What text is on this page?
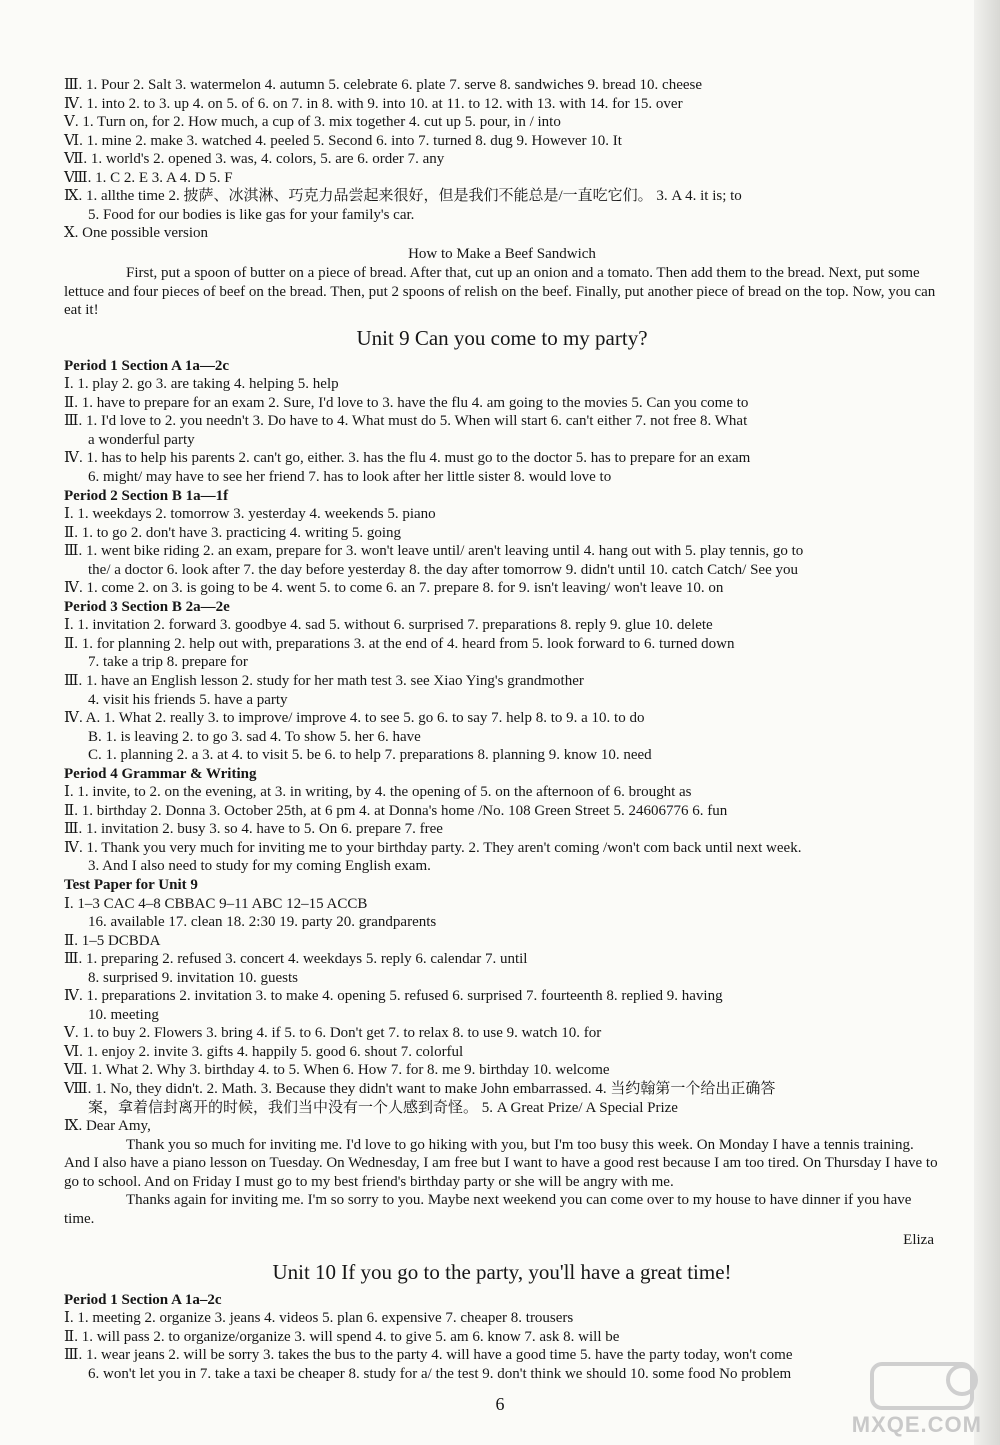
Ⅲ. 1. Pour 2. Salt 3. watermelon 4. autumn 5. celebrate 6. plate 7. serve 8. sandwiches 9. bread 10. cheese
Ⅳ. 1. into 2. to 3. up 4. on 5. of 6. on 7. in 8. with 9. into 10. at 11. to 12. with 13. with 14. for 15. over
Ⅴ. 1. Turn on, for 2. How much, a cup of 3. mix together 4. cut up 5. pour, in / into
Ⅵ. 1. mine 2. make 3. watched 4. peeled 5. Second 6. into 7. turned 8. dug 9. However 10. It
Ⅶ. 1. world's 2. opened 3. was, 4. colors, 5. are 6. order 7. any
Ⅷ. 1. C 2. E 3. A 4. D 5. F
Ⅸ. 1. allthe time 2. 披萨、冰淇淋、巧克力品尝起来很好，但是我们不能总是/一直吃它们。 3. A 4. it is; to
5. Food for our bodies is like gas for your family's car.
Ⅹ. One possible version
How to Make a Beef Sandwich
First, put a spoon of butter on a piece of bread. After that, cut up an onion and a tomato. Then add them to the bread. Next, put some lettuce and four pieces of beef on the bread. Then, put 2 spoons of relish on the beef. Finally, put another piece of bread on the top. Now, you can eat it!
Unit 9 Can you come to my party?
Period 1 Section A 1a—2c
Ⅰ. 1. play 2. go 3. are taking 4. helping 5. help
Ⅱ. 1. have to prepare for an exam 2. Sure, I'd love to 3. have the flu 4. am going to the movies 5. Can you come to
Ⅲ. 1. I'd love to 2. you needn't 3. Do have to 4. What must do 5. When will start 6. can't either 7. not free 8. What
a wonderful party
Ⅳ. 1. has to help his parents 2. can't go, either. 3. has the flu 4. must go to the doctor 5. has to prepare for an exam
6. might/ may have to see her friend 7. has to look after her little sister 8. would love to
Period 2 Section B 1a—1f
Ⅰ. 1. weekdays 2. tomorrow 3. yesterday 4. weekends 5. piano
Ⅱ. 1. to go 2. don't have 3. practicing 4. writing 5. going
Ⅲ. 1. went bike riding 2. an exam, prepare for 3. won't leave until/ aren't leaving until 4. hang out with 5. play tennis, go to
the/ a doctor 6. look after 7. the day before yesterday 8. the day after tomorrow 9. didn't until 10. catch Catch/ See you
Ⅳ. 1. come 2. on 3. is going to be 4. went 5. to come 6. an 7. prepare 8. for 9. isn't leaving/ won't leave 10. on
Period 3 Section B 2a—2e
Ⅰ. 1. invitation 2. forward 3. goodbye 4. sad 5. without 6. surprised 7. preparations 8. reply 9. glue 10. delete
Ⅱ. 1. for planning 2. help out with, preparations 3. at the end of 4. heard from 5. look forward to 6. turned down
7. take a trip 8. prepare for
Ⅲ. 1. have an English lesson 2. study for her math test 3. see Xiao Ying's grandmother
4. visit his friends 5. have a party
Ⅳ. A. 1. What 2. really 3. to improve/ improve 4. to see 5. go 6. to say 7. help 8. to 9. a 10. to do
B. 1. is leaving 2. to go 3. sad 4. To show 5. her 6. have
C. 1. planning 2. a 3. at 4. to visit 5. be 6. to help 7. preparations 8. planning 9. know 10. need
Period 4 Grammar & Writing
Ⅰ. 1. invite, to 2. on the evening, at 3. in writing, by 4. the opening of 5. on the afternoon of 6. brought as
Ⅱ. 1. birthday 2. Donna 3. October 25th, at 6 pm 4. at Donna's home /No. 108 Green Street 5. 24606776 6. fun
Ⅲ. 1. invitation 2. busy 3. so 4. have to 5. On 6. prepare 7. free
Ⅳ. 1. Thank you very much for inviting me to your birthday party. 2. They aren't coming /won't com back until next week.
3. And I also need to study for my coming English exam.
Test Paper for Unit 9
Ⅰ. 1–3 CAC 4–8 CBBAC 9–11 ABC 12–15 ACCB
16. available 17. clean 18. 2:30 19. party 20. grandparents
Ⅱ. 1–5 DCBDA
Ⅲ. 1. preparing 2. refused 3. concert 4. weekdays 5. reply 6. calendar 7. until
8. surprised 9. invitation 10. guests
Ⅳ. 1. preparations 2. invitation 3. to make 4. opening 5. refused 6. surprised 7. fourteenth 8. replied 9. having
10. meeting
Ⅴ. 1. to buy 2. Flowers 3. bring 4. if 5. to 6. Don't get 7. to relax 8. to use 9. watch 10. for
Ⅵ. 1. enjoy 2. invite 3. gifts 4. happily 5. good 6. shout 7. colorful
Ⅶ. 1. What 2. Why 3. birthday 4. to 5. When 6. How 7. for 8. me 9. birthday 10. welcome
Ⅷ. 1. No, they didn't. 2. Math. 3. Because they didn't want to make John embarrassed. 4. 当约翰第一个给出正确答
案，拿着信封离开的时候，我们当中没有一个人感到奇怪。 5. A Great Prize/ A Special Prize
Ⅸ. Dear Amy,
Thank you so much for inviting me. I'd love to go hiking with you, but I'm too busy this week. On Monday I have a tennis training. And I also have a piano lesson on Tuesday. On Wednesday, I am free but I want to have a good rest because I am too tired. On Thursday I have to go to school. And on Friday I must go to my best friend's birthday party or she will be angry with me.
Thanks again for inviting me. I'm so sorry to you. Maybe next weekend you can come over to my house to have dinner if you have time.
Eliza
Unit 10 If you go to the party, you'll have a great time!
Period 1 Section A 1a–2c
Ⅰ. 1. meeting 2. organize 3. jeans 4. videos 5. plan 6. expensive 7. cheaper 8. trousers
Ⅱ. 1. will pass 2. to organize/organize 3. will spend 4. to give 5. am 6. know 7. ask 8. will be
Ⅲ. 1. wear jeans 2. will be sorry 3. takes the bus to the party 4. will have a good time 5. have the party today, won't come
6. won't let you in 7. take a taxi be cheaper 8. study for a/ the test 9. don't think we should 10. some food No problem
6
MXQE.COM
